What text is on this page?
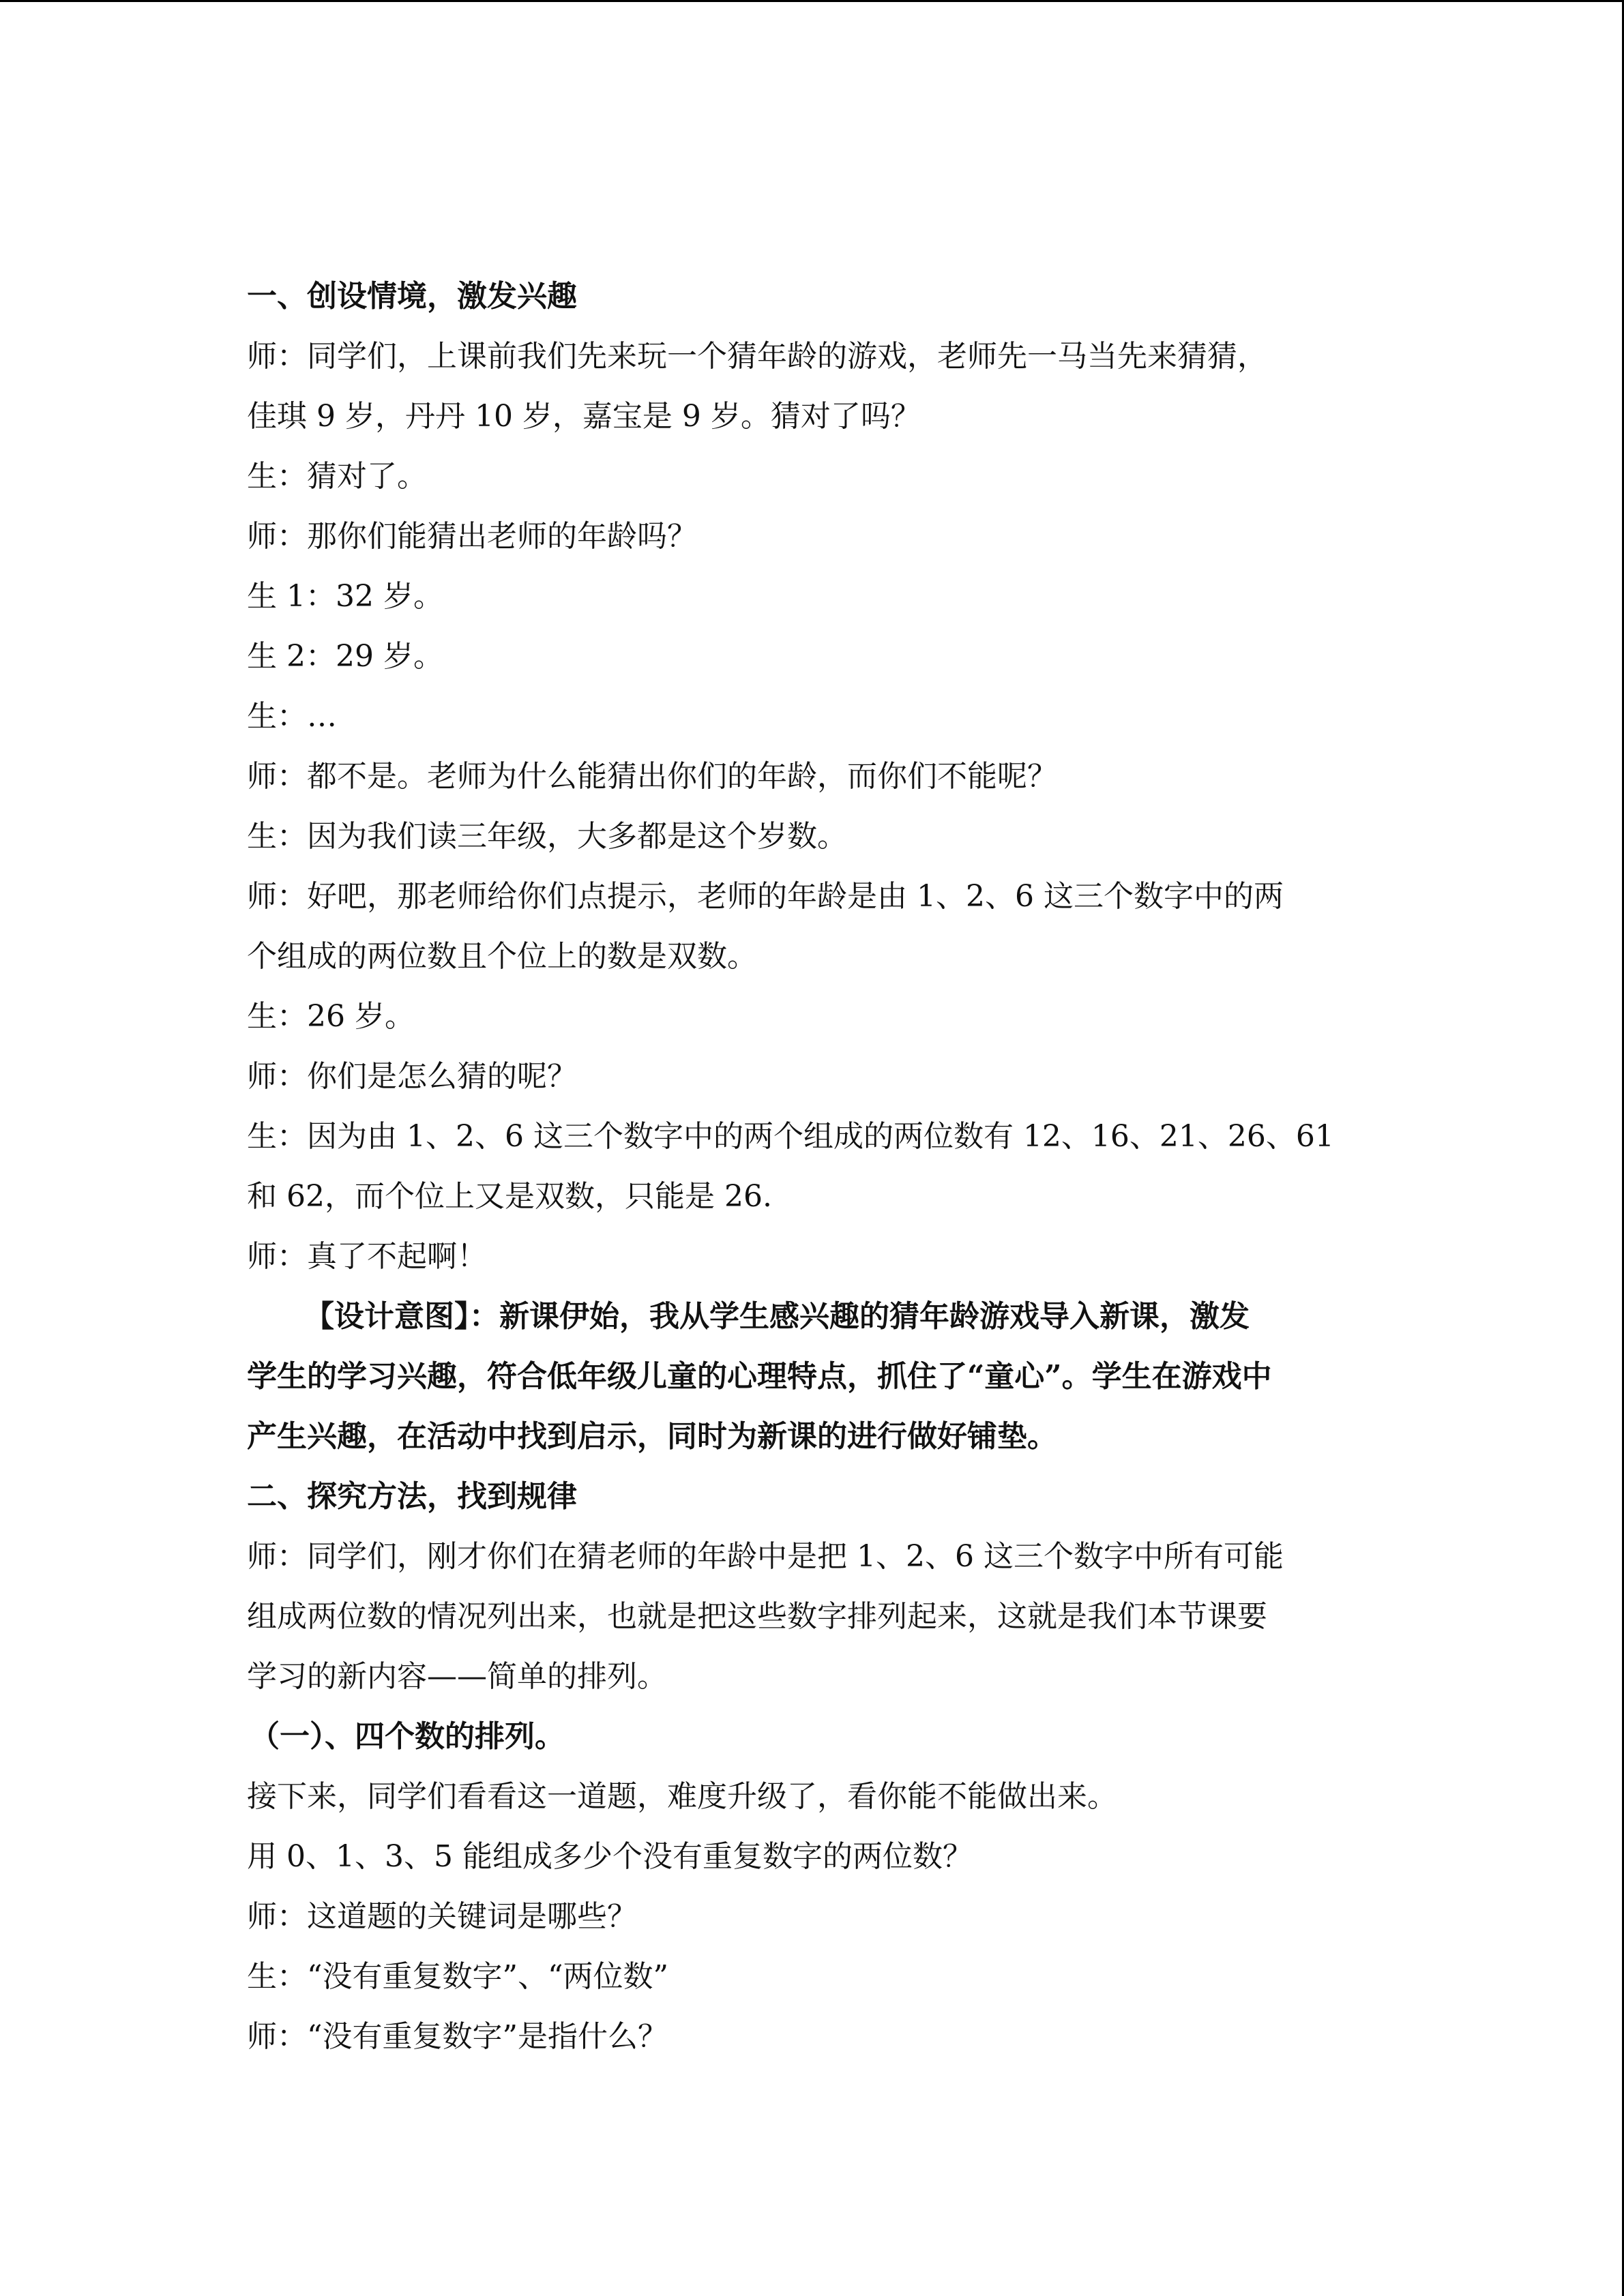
一、创设情境，激发兴趣

师：同学们，上课前我们先来玩一个猜年龄的游戏，老师先一马当先来猜猜，

佳琪 9 岁，丹丹 10 岁，嘉宝是 9 岁。猜对了吗？

生：猜对了。

师：那你们能猜出老师的年龄吗？

生 1：32 岁。

生 2：29 岁。

生：…

师：都不是。老师为什么能猜出你们的年龄，而你们不能呢？

生：因为我们读三年级，大多都是这个岁数。

师：好吧，那老师给你们点提示，老师的年龄是由 1、2、6 这三个数字中的两

个组成的两位数且个位上的数是双数。

生：26 岁。

师：你们是怎么猜的呢？

生：因为由 1、2、6 这三个数字中的两个组成的两位数有 12、16、21、26、61

和 62，而个位上又是双数，只能是 26.

师：真了不起啊！

【设计意图】：新课伊始，我从学生感兴趣的猜年龄游戏导入新课，激发

学生的学习兴趣，符合低年级儿童的心理特点，抓住了“童心”。学生在游戏中

产生兴趣，在活动中找到启示，同时为新课的进行做好铺垫。

二、探究方法，找到规律

师：同学们，刚才你们在猜老师的年龄中是把 1、2、6 这三个数字中所有可能

组成两位数的情况列出来，也就是把这些数字排列起来，这就是我们本节课要

学习的新内容——简单的排列。

（一）、四个数的排列。

接下来，同学们看看这一道题，难度升级了，看你能不能做出来。

用 0、1、3、5 能组成多少个没有重复数字的两位数？

师：这道题的关键词是哪些？

生：“没有重复数字”、“两位数”

师：“没有重复数字”是指什么？
